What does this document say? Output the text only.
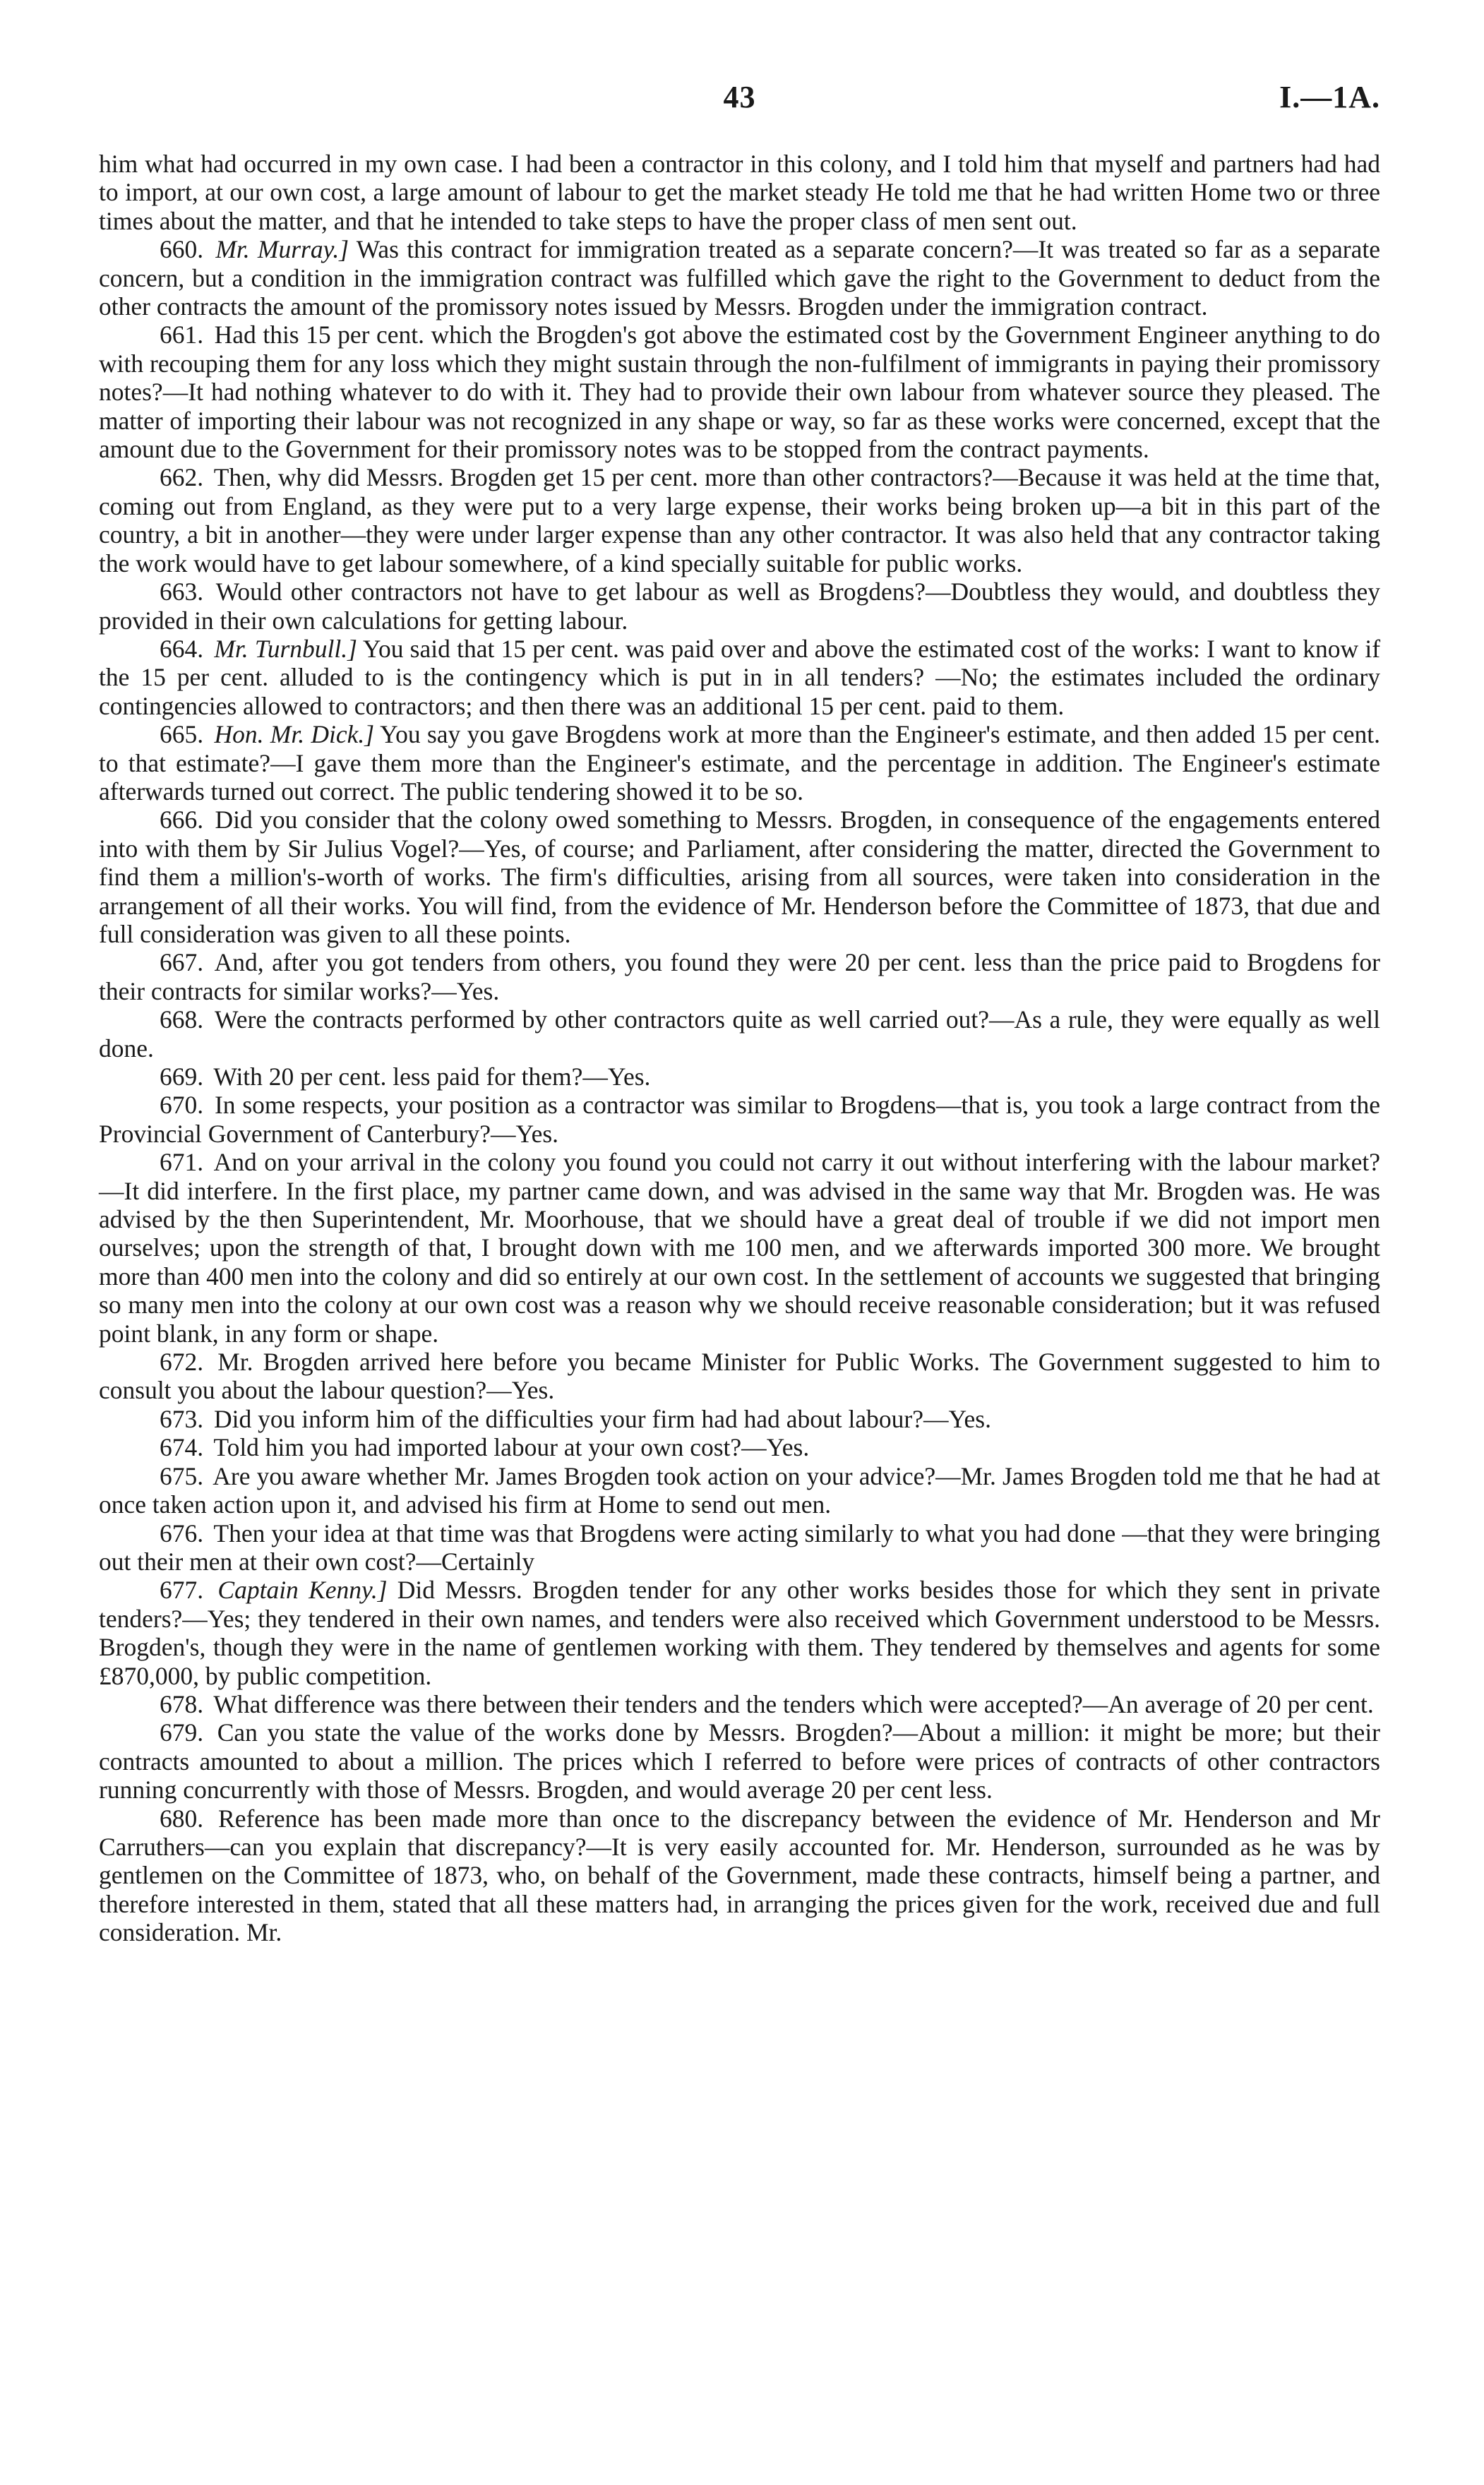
43	I.—1A.

him what had occurred in my own case. I had been a contractor in this colony, and I told him that myself and partners had had to import, at our own cost, a large amount of labour to get the market steady He told me that he had written Home two or three times about the matter, and that he intended to take steps to have the proper class of men sent out.

660. Mr. Murray.] Was this contract for immigration treated as a separate concern?—It was treated so far as a separate concern, but a condition in the immigration contract was fulfilled which gave the right to the Government to deduct from the other contracts the amount of the promissory notes issued by Messrs. Brogden under the immigration contract.

661. Had this 15 per cent. which the Brogden's got above the estimated cost by the Government Engineer anything to do with recouping them for any loss which they might sustain through the non-fulfilment of immigrants in paying their promissory notes?—It had nothing whatever to do with it. They had to provide their own labour from whatever source they pleased. The matter of importing their labour was not recognized in any shape or way, so far as these works were concerned, except that the amount due to the Government for their promissory notes was to be stopped from the contract payments.

662. Then, why did Messrs. Brogden get 15 per cent. more than other contractors?—Because it was held at the time that, coming out from England, as they were put to a very large expense, their works being broken up—a bit in this part of the country, a bit in another—they were under larger expense than any other contractor. It was also held that any contractor taking the work would have to get labour somewhere, of a kind specially suitable for public works.

663. Would other contractors not have to get labour as well as Brogdens?—Doubtless they would, and doubtless they provided in their own calculations for getting labour.

664. Mr. Turnbull.] You said that 15 per cent. was paid over and above the estimated cost of the works: I want to know if the 15 per cent. alluded to is the contingency which is put in in all tenders? —No; the estimates included the ordinary contingencies allowed to contractors; and then there was an additional 15 per cent. paid to them.

665. Hon. Mr. Dick.] You say you gave Brogdens work at more than the Engineer's estimate, and then added 15 per cent. to that estimate?—I gave them more than the Engineer's estimate, and the percentage in addition. The Engineer's estimate afterwards turned out correct. The public tendering showed it to be so.

666. Did you consider that the colony owed something to Messrs. Brogden, in consequence of the engagements entered into with them by Sir Julius Vogel?—Yes, of course; and Parliament, after considering the matter, directed the Government to find them a million's-worth of works. The firm's difficulties, arising from all sources, were taken into consideration in the arrangement of all their works. You will find, from the evidence of Mr. Henderson before the Committee of 1873, that due and full consideration was given to all these points.

667. And, after you got tenders from others, you found they were 20 per cent. less than the price paid to Brogdens for their contracts for similar works?—Yes.

668. Were the contracts performed by other contractors quite as well carried out?—As a rule, they were equally as well done.

669. With 20 per cent. less paid for them?—Yes.

670. In some respects, your position as a contractor was similar to Brogdens—that is, you took a large contract from the Provincial Government of Canterbury?—Yes.

671. And on your arrival in the colony you found you could not carry it out without interfering with the labour market?—It did interfere. In the first place, my partner came down, and was advised in the same way that Mr. Brogden was. He was advised by the then Superintendent, Mr. Moorhouse, that we should have a great deal of trouble if we did not import men ourselves; upon the strength of that, I brought down with me 100 men, and we afterwards imported 300 more. We brought more than 400 men into the colony and did so entirely at our own cost. In the settlement of accounts we suggested that bringing so many men into the colony at our own cost was a reason why we should receive reasonable consideration; but it was refused point blank, in any form or shape.

672. Mr. Brogden arrived here before you became Minister for Public Works. The Government suggested to him to consult you about the labour question?—Yes.

673. Did you inform him of the difficulties your firm had had about labour?—Yes.

674. Told him you had imported labour at your own cost?—Yes.

675. Are you aware whether Mr. James Brogden took action on your advice?—Mr. James Brogden told me that he had at once taken action upon it, and advised his firm at Home to send out men.

676. Then your idea at that time was that Brogdens were acting similarly to what you had done —that they were bringing out their men at their own cost?—Certainly

677. Captain Kenny.] Did Messrs. Brogden tender for any other works besides those for which they sent in private tenders?—Yes; they tendered in their own names, and tenders were also received which Government understood to be Messrs. Brogden's, though they were in the name of gentlemen working with them. They tendered by themselves and agents for some £870,000, by public competition.

678. What difference was there between their tenders and the tenders which were accepted?—An average of 20 per cent.

679. Can you state the value of the works done by Messrs. Brogden?—About a million: it might be more; but their contracts amounted to about a million. The prices which I referred to before were prices of contracts of other contractors running concurrently with those of Messrs. Brogden, and would average 20 per cent less.

680. Reference has been made more than once to the discrepancy between the evidence of Mr. Henderson and Mr Carruthers—can you explain that discrepancy?—It is very easily accounted for. Mr. Henderson, surrounded as he was by gentlemen on the Committee of 1873, who, on behalf of the Government, made these contracts, himself being a partner, and therefore interested in them, stated that all these matters had, in arranging the prices given for the work, received due and full consideration. Mr.
